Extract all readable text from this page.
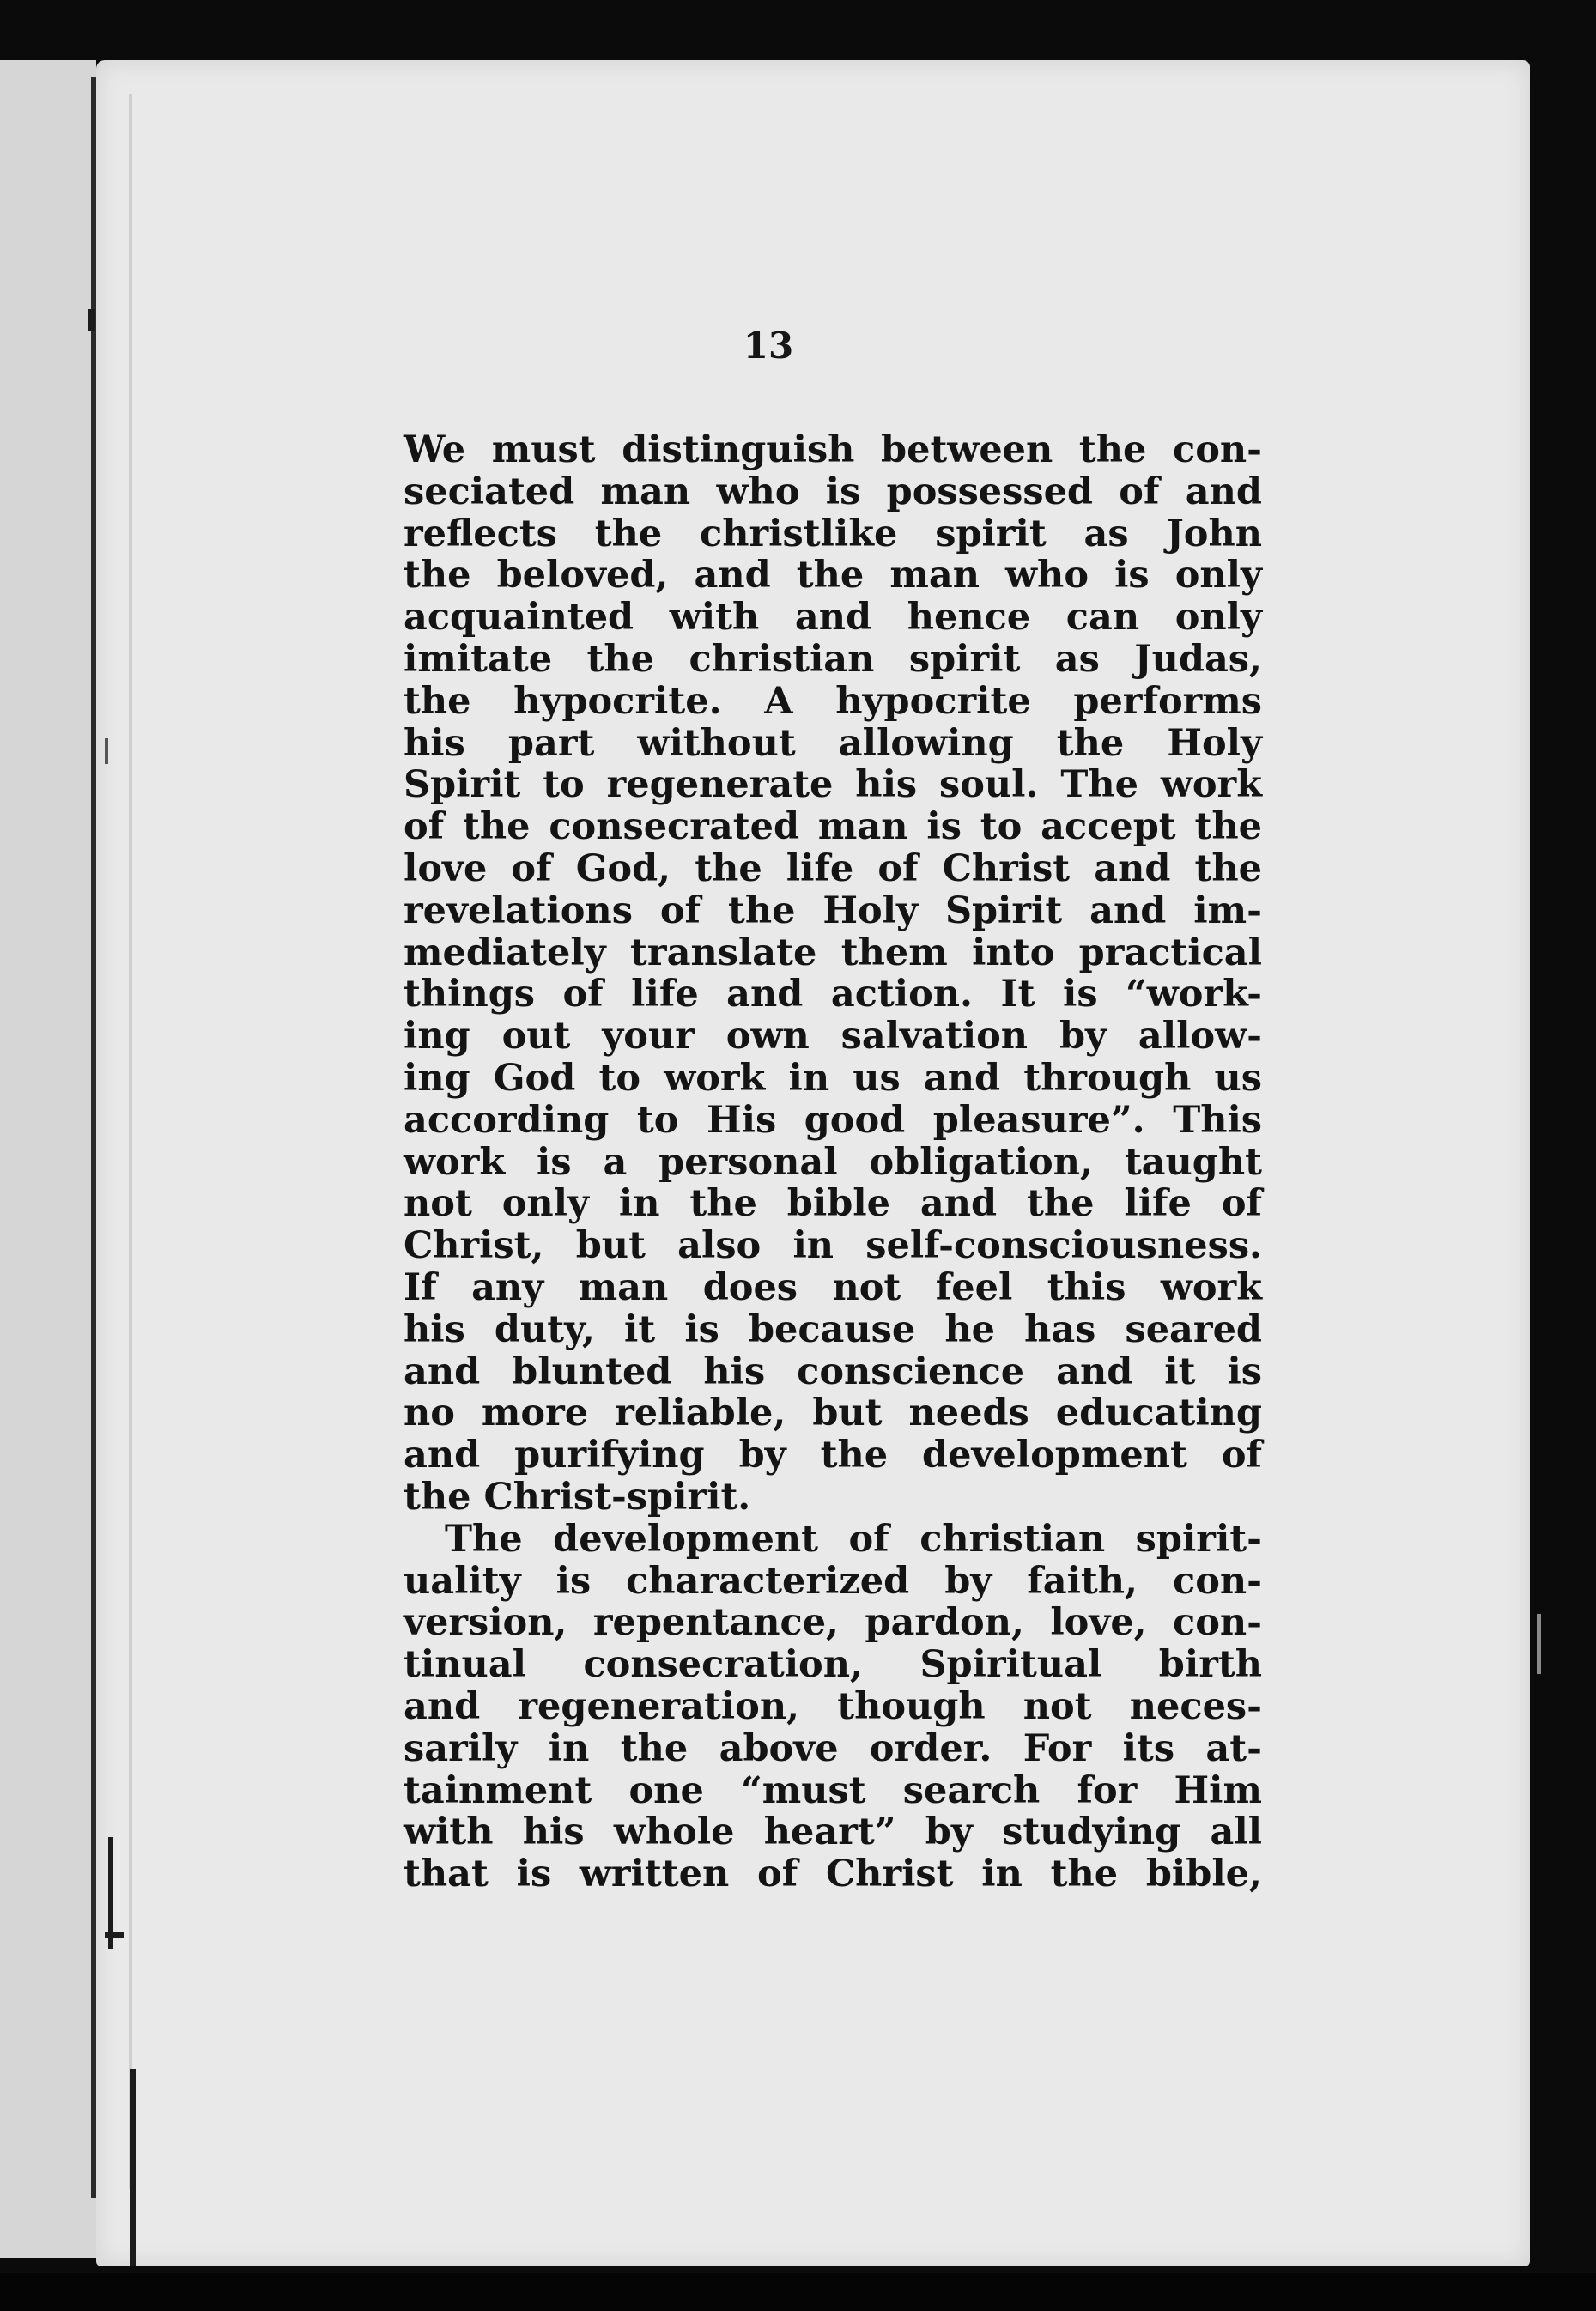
13
We must distinguish between the con-
seciated man who is possessed of and
reflects the christlike spirit as John
the beloved, and the man who is only
acquainted with and hence can only
imitate the christian spirit as Judas,
the hypocrite. A hypocrite performs
his part without allowing the Holy
Spirit to regenerate his soul. The work
of the consecrated man is to accept the
love of God, the life of Christ and the
revelations of the Holy Spirit and im-
mediately translate them into practical
things of life and action. It is “work-
ing out your own salvation by allow-
ing God to work in us and through us
according to His good pleasure”. This
work is a personal obligation, taught
not only in the bible and the life of
Christ, but also in self-consciousness.
If any man does not feel this work
his duty, it is because he has seared
and blunted his conscience and it is
no more reliable, but needs educating
and purifying by the development of
the Christ-spirit.
The development of christian spirit-
uality is characterized by faith, con-
version, repentance, pardon, love, con-
tinual consecration, Spiritual birth
and regeneration, though not neces-
sarily in the above order. For its at-
tainment one “must search for Him
with his whole heart” by studying all
that is written of Christ in the bible,
